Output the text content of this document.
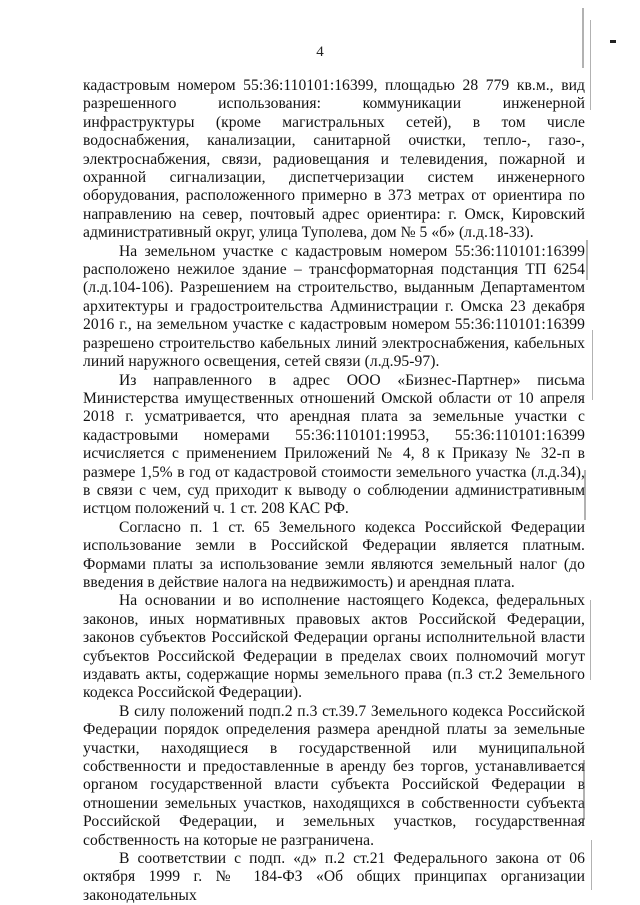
4

кадастровым номером 55:36:110101:16399, площадью 28 779 кв.м., вид разрешенного использования: коммуникации инженерной инфраструктуры (кроме магистральных сетей), в том числе водоснабжения, канализации, санитарной очистки, тепло-, газо-, электроснабжения, связи, радиовещания и телевидения, пожарной и охранной сигнализации, диспетчеризации систем инженерного оборудования, расположенного примерно в 373 метрах от ориентира по направлению на север, почтовый адрес ориентира: г. Омск, Кировский административный округ, улица Туполева, дом № 5 «б» (л.д.18-33).

На земельном участке с кадастровым номером 55:36:110101:16399 расположено нежилое здание – трансформаторная подстанция ТП 6254 (л.д.104-106). Разрешением на строительство, выданным Департаментом архитектуры и градостроительства Администрации г. Омска 23 декабря 2016 г., на земельном участке с кадастровым номером 55:36:110101:16399 разрешено строительство кабельных линий электроснабжения, кабельных линий наружного освещения, сетей связи (л.д.95-97).

Из направленного в адрес ООО «Бизнес-Партнер» письма Министерства имущественных отношений Омской области от 10 апреля 2018 г. усматривается, что арендная плата за земельные участки с кадастровыми номерами 55:36:110101:19953, 55:36:110101:16399 исчисляется с применением Приложений № 4, 8 к Приказу № 32-п в размере 1,5% в год от кадастровой стоимости земельного участка (л.д.34), в связи с чем, суд приходит к выводу о соблюдении административным истцом положений ч. 1 ст. 208 КАС РФ.

Согласно п. 1 ст. 65 Земельного кодекса Российской Федерации использование земли в Российской Федерации является платным. Формами платы за использование земли являются земельный налог (до введения в действие налога на недвижимость) и арендная плата.

На основании и во исполнение настоящего Кодекса, федеральных законов, иных нормативных правовых актов Российской Федерации, законов субъектов Российской Федерации органы исполнительной власти субъектов Российской Федерации в пределах своих полномочий могут издавать акты, содержащие нормы земельного права (п.3 ст.2 Земельного кодекса Российской Федерации).

В силу положений подп.2 п.3 ст.39.7 Земельного кодекса Российской Федерации порядок определения размера арендной платы за земельные участки, находящиеся в государственной или муниципальной собственности и предоставленные в аренду без торгов, устанавливается органом государственной власти субъекта Российской Федерации в отношении земельных участков, находящихся в собственности субъекта Российской Федерации, и земельных участков, государственная собственность на которые не разграничена.

В соответствии с подп. «д» п.2 ст.21 Федерального закона от 06 октября 1999 г. № 184-ФЗ «Об общих принципах организации законодательных
